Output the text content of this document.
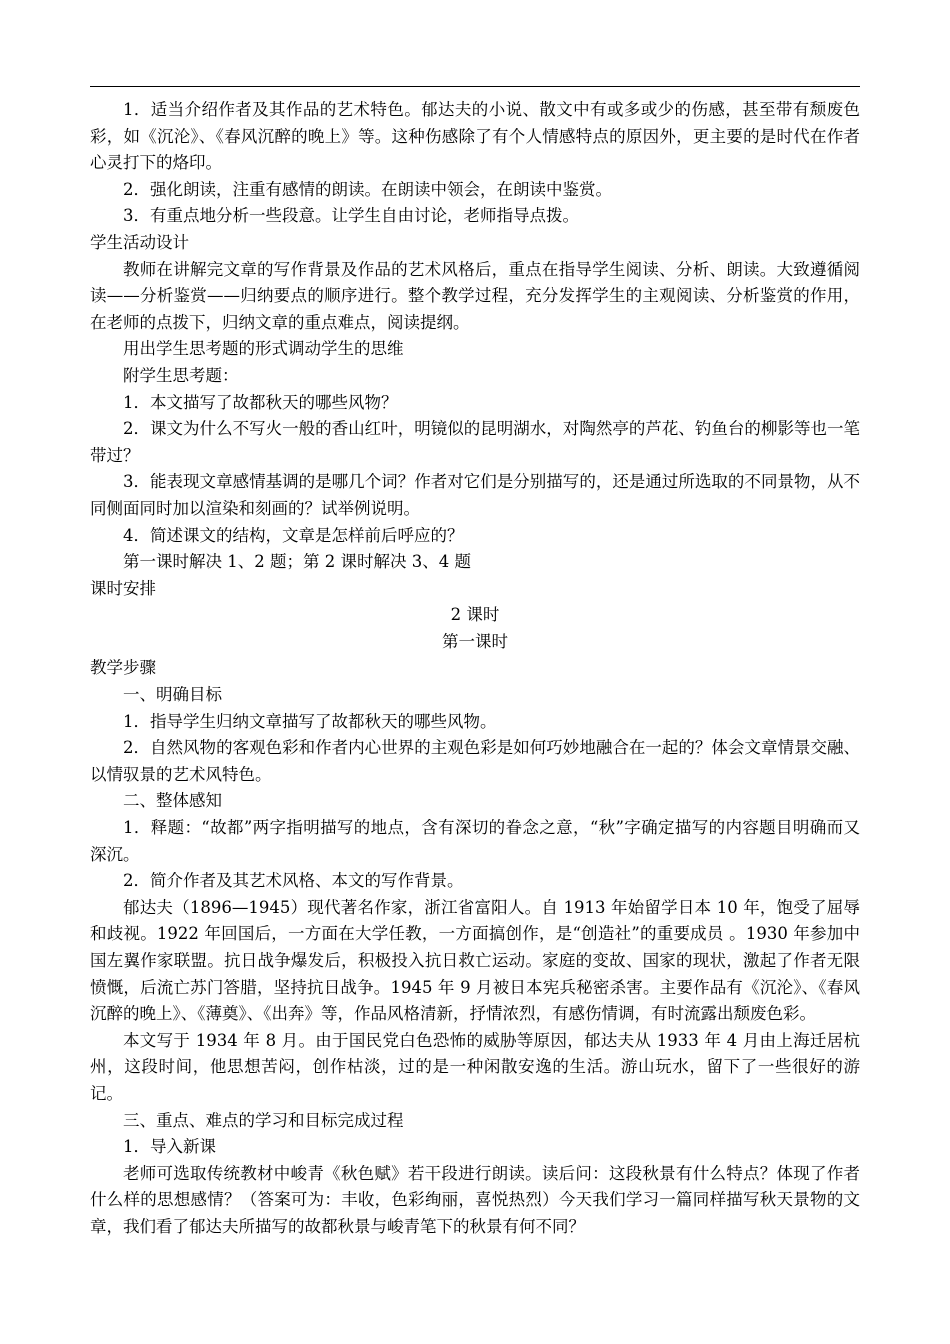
1．适当介绍作者及其作品的艺术特色。郁达夫的小说、散文中有或多或少的伤感，甚至带有颓废色彩，如《沉沦》、《春风沉醉的晚上》等。这种伤感除了有个人情感特点的原因外，更主要的是时代在作者心灵打下的烙印。

2．强化朗读，注重有感情的朗读。在朗读中领会，在朗读中鉴赏。

3．有重点地分析一些段意。让学生自由讨论，老师指导点拨。

学生活动设计

教师在讲解完文章的写作背景及作品的艺术风格后，重点在指导学生阅读、分析、朗读。大致遵循阅读——分析鉴赏——归纳要点的顺序进行。整个教学过程，充分发挥学生的主观阅读、分析鉴赏的作用，在老师的点拨下，归纳文章的重点难点，阅读提纲。

用出学生思考题的形式调动学生的思维

附学生思考题：

1．本文描写了故都秋天的哪些风物？

2．课文为什么不写火一般的香山红叶，明镜似的昆明湖水，对陶然亭的芦花、钓鱼台的柳影等也一笔带过？

3．能表现文章感情基调的是哪几个词？作者对它们是分别描写的，还是通过所选取的不同景物，从不同侧面同时加以渲染和刻画的？试举例说明。

4．简述课文的结构，文章是怎样前后呼应的？

第一课时解决 1、2 题；第 2 课时解决 3、4 题

课时安排

2 课时

第一课时

教学步骤

一、明确目标

1．指导学生归纳文章描写了故都秋天的哪些风物。

2．自然风物的客观色彩和作者内心世界的主观色彩是如何巧妙地融合在一起的？体会文章情景交融、以情驭景的艺术风特色。

二、整体感知

1．释题：“故都”两字指明描写的地点，含有深切的眷念之意，“秋”字确定描写的内容题目明确而又深沉。

2．简介作者及其艺术风格、本文的写作背景。

郁达夫（1896—1945）现代著名作家，浙江省富阳人。自 1913 年始留学日本 10 年，饱受了屈辱和歧视。1922 年回国后，一方面在大学任教，一方面搞创作，是“创造社”的重要成员 。1930 年参加中国左翼作家联盟。抗日战争爆发后，积极投入抗日救亡运动。家庭的变故、国家的现状，激起了作者无限愤慨，后流亡苏门答腊，坚持抗日战争。1945 年 9 月被日本宪兵秘密杀害。主要作品有《沉沦》、《春风沉醉的晚上》、《薄奠》、《出奔》等，作品风格清新，抒情浓烈，有感伤情调，有时流露出颓废色彩。

本文写于 1934 年 8 月。由于国民党白色恐怖的威胁等原因，郁达夫从 1933 年 4 月由上海迁居杭州，这段时间，他思想苦闷，创作枯淡，过的是一种闲散安逸的生活。游山玩水，留下了一些很好的游记。

三、重点、难点的学习和目标完成过程

1．导入新课

老师可选取传统教材中峻青《秋色赋》若干段进行朗读。读后问：这段秋景有什么特点？体现了作者什么样的思想感情？（答案可为：丰收，色彩绚丽，喜悦热烈）今天我们学习一篇同样描写秋天景物的文章，我们看了郁达夫所描写的故都秋景与峻青笔下的秋景有何不同？
